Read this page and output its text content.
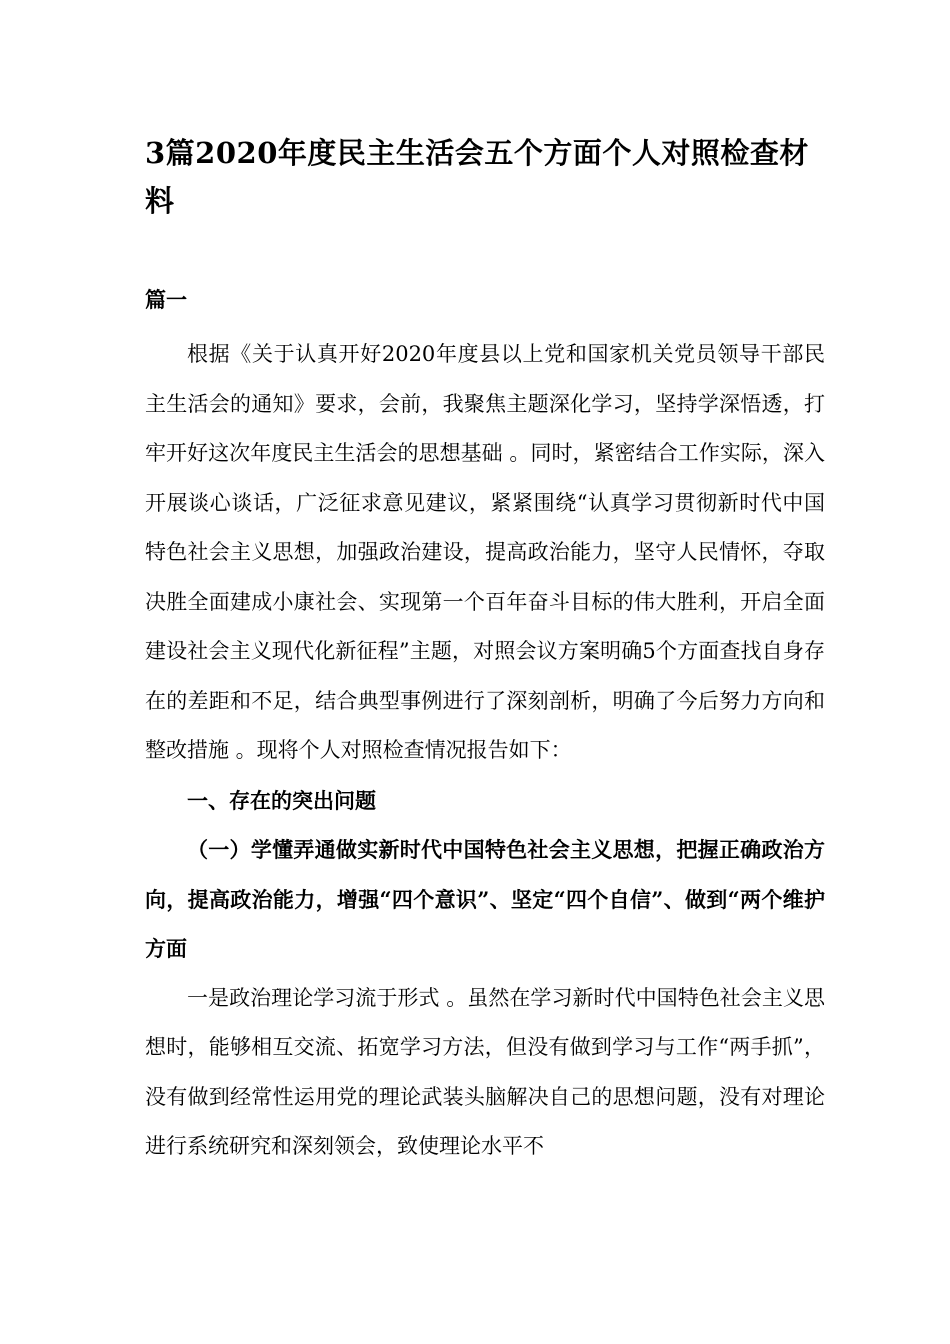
3篇2020年度民主生活会五个方面个人对照检查材料
篇一

根据《关于认真开好2020年度县以上党和国家机关党员领导干部民主生活会的通知》要求，会前，我聚焦主题深化学习，坚持学深悟透，打牢开好这次年度民主生活会的思想基础 。同时，紧密结合工作实际，深入开展谈心谈话，广泛征求意见建议，紧紧围绕“认真学习贯彻新时代中国特色社会主义思想，加强政治建设，提高政治能力，坚守人民情怀，夺取决胜全面建成小康社会、实现第一个百年奋斗目标的伟大胜利，开启全面建设社会主义现代化新征程”主题，对照会议方案明确5个方面查找自身存在的差距和不足，结合典型事例进行了深刻剖析，明确了今后努力方向和整改措施 。现将个人对照检查情况报告如下：

一、存在的突出问题

（一）学懂弄通做实新时代中国特色社会主义思想，把握正确政治方向，提高政治能力，增强“四个意识”、坚定“四个自信”、做到“两个维护方面

一是政治理论学习流于形式 。虽然在学习新时代中国特色社会主义思想时，能够相互交流、拓宽学习方法，但没有做到学习与工作“两手抓”，没有做到经常性运用党的理论武装头脑解决自己的思想问题，没有对理论进行系统研究和深刻领会，致使理论水平不
